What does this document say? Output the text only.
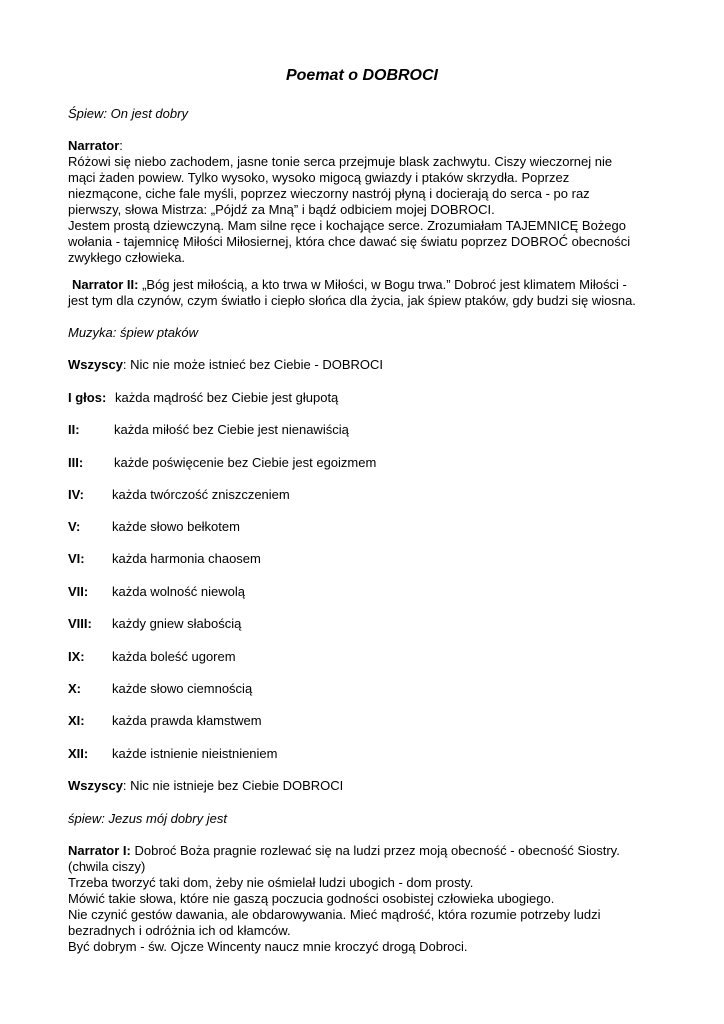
Poemat o DOBROCI
Śpiew: On jest dobry
Narrator:
Różowi się niebo zachodem, jasne tonie serca przejmuje blask zachwytu. Ciszy wieczornej nie
mąci żaden powiew. Tylko wysoko, wysoko migocą gwiazdy i ptaków skrzydła. Poprzez
niezmącone, ciche fale myśli, poprzez wieczorny nastrój płyną i docierają do serca - po raz
pierwszy, słowa Mistrza: „Pójdź za Mną” i bądź odbiciem mojej DOBROCI.
Jestem prostą dziewczyną. Mam silne ręce i kochające serce. Zrozumiałam TAJEMNICĘ Bożego
wołania - tajemnicę Miłości Miłosiernej, która chce dawać się światu poprzez DOBROĆ obecności
zwykłego człowieka.
Narrator II: „Bóg jest miłością, a kto trwa w Miłości, w Bogu trwa.” Dobroć jest klimatem Miłości -
jest tym dla czynów, czym światło i ciepło słońca dla życia, jak śpiew ptaków, gdy budzi się wiosna.
Muzyka: śpiew ptaków
Wszyscy: Nic nie może istnieć bez Ciebie - DOBROCI
I głos: każda mądrość bez Ciebie jest głupotą
II:	każda miłość bez Ciebie jest nienawiścią
III: każde poświęcenie bez Ciebie jest egoizmem
IV: każda twórczość zniszczeniem
V: każde słowo bełkotem
VI: każda harmonia chaosem
VII: każda wolność niewolą
VIII: każdy gniew słabością
IX: każda boleść ugorem
X: każde słowo ciemnością
XI: każda prawda kłamstwem
XII: każde istnienie nieistnieniem
Wszyscy: Nic nie istnieje bez Ciebie DOBROCI
śpiew: Jezus mój dobry jest
Narrator I: Dobroć Boża pragnie rozlewać się na ludzi przez moją obecność - obecność Siostry.
(chwila ciszy)
Trzeba tworzyć taki dom, żeby nie ośmielał ludzi ubogich - dom prosty.
Mówić takie słowa, które nie gaszą poczucia godności osobistej człowieka ubogiego.
Nie czynić gestów dawania, ale obdarowywania. Mieć mądrość, która rozumie potrzeby ludzi
bezradnych i odróżnia ich od kłamców.
Być dobrym - św. Ojcze Wincenty naucz mnie kroczyć drogą Dobroci.
